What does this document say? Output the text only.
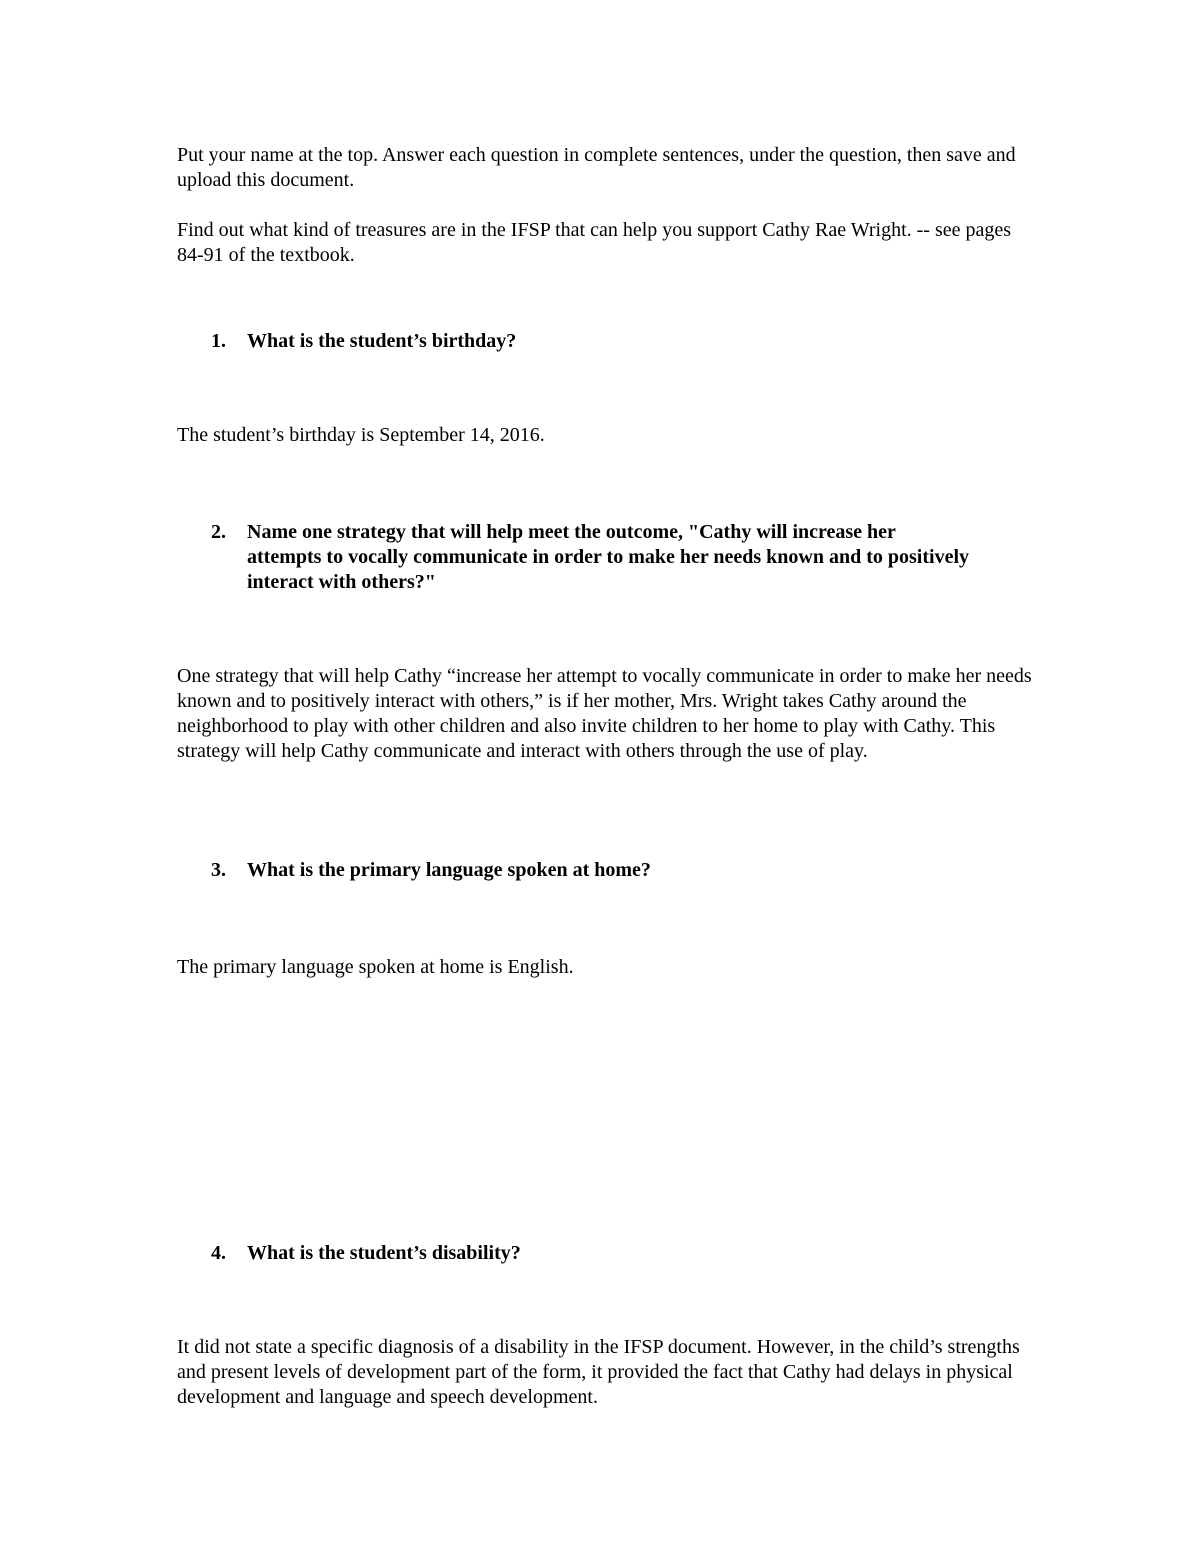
Put your name at the top. Answer each question in complete sentences, under the question, then save and upload this document.

Find out what kind of treasures are in the IFSP that can help you support Cathy Rae Wright. -- see pages 84-91 of the textbook.

1.	What is the student’s birthday?

The student’s birthday is September 14, 2016.

2.	Name one strategy that will help meet the outcome, "Cathy will increase her attempts to vocally communicate in order to make her needs known and to positively interact with others?"

One strategy that will help Cathy “increase her attempt to vocally communicate in order to make her needs known and to positively interact with others,” is if her mother, Mrs. Wright takes Cathy around the neighborhood to play with other children and also invite children to her home to play with Cathy. This strategy will help Cathy communicate and interact with others through the use of play.

3.	What is the primary language spoken at home?

The primary language spoken at home is English.

4.	What is the student’s disability?

It did not state a specific diagnosis of a disability in the IFSP document. However, in the child’s strengths and present levels of development part of the form, it provided the fact that Cathy had delays in physical development and language and speech development.
